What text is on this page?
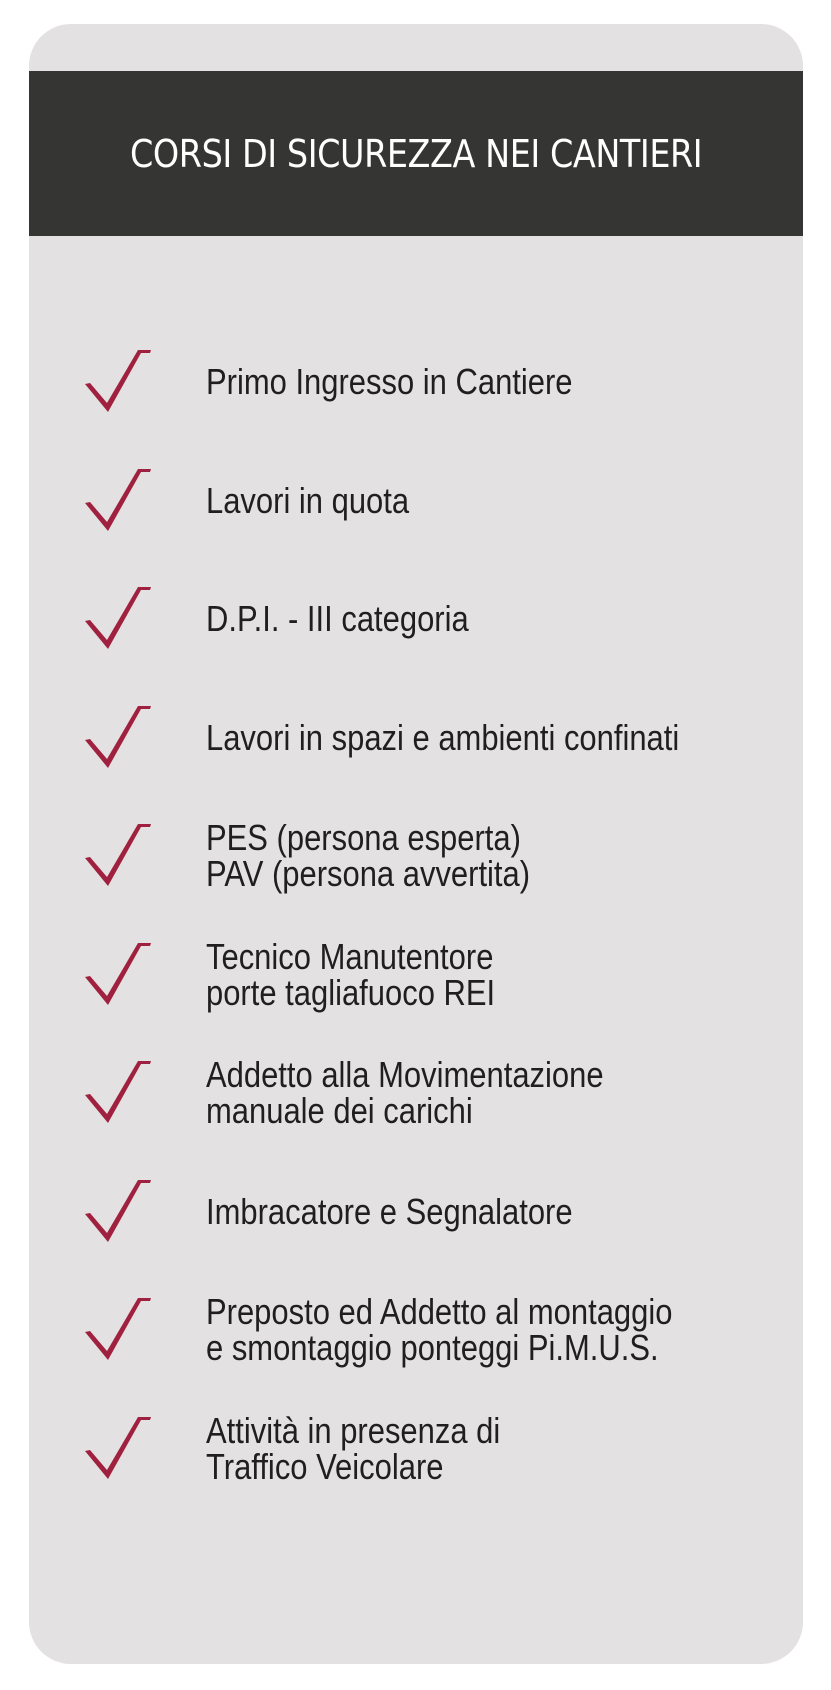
CORSI DI SICUREZZA NEI CANTIERI
Primo Ingresso in Cantiere
Lavori in quota
D.P.I. - III categoria
Lavori in spazi e ambienti confinati
PES (persona esperta)
PAV (persona avvertita)
Tecnico Manutentore
porte tagliafuoco REI
Addetto alla Movimentazione
manuale dei carichi
Imbracatore e Segnalatore
Preposto ed Addetto al montaggio
e smontaggio ponteggi Pi.M.U.S.
Attività in presenza di
Traffico Veicolare
